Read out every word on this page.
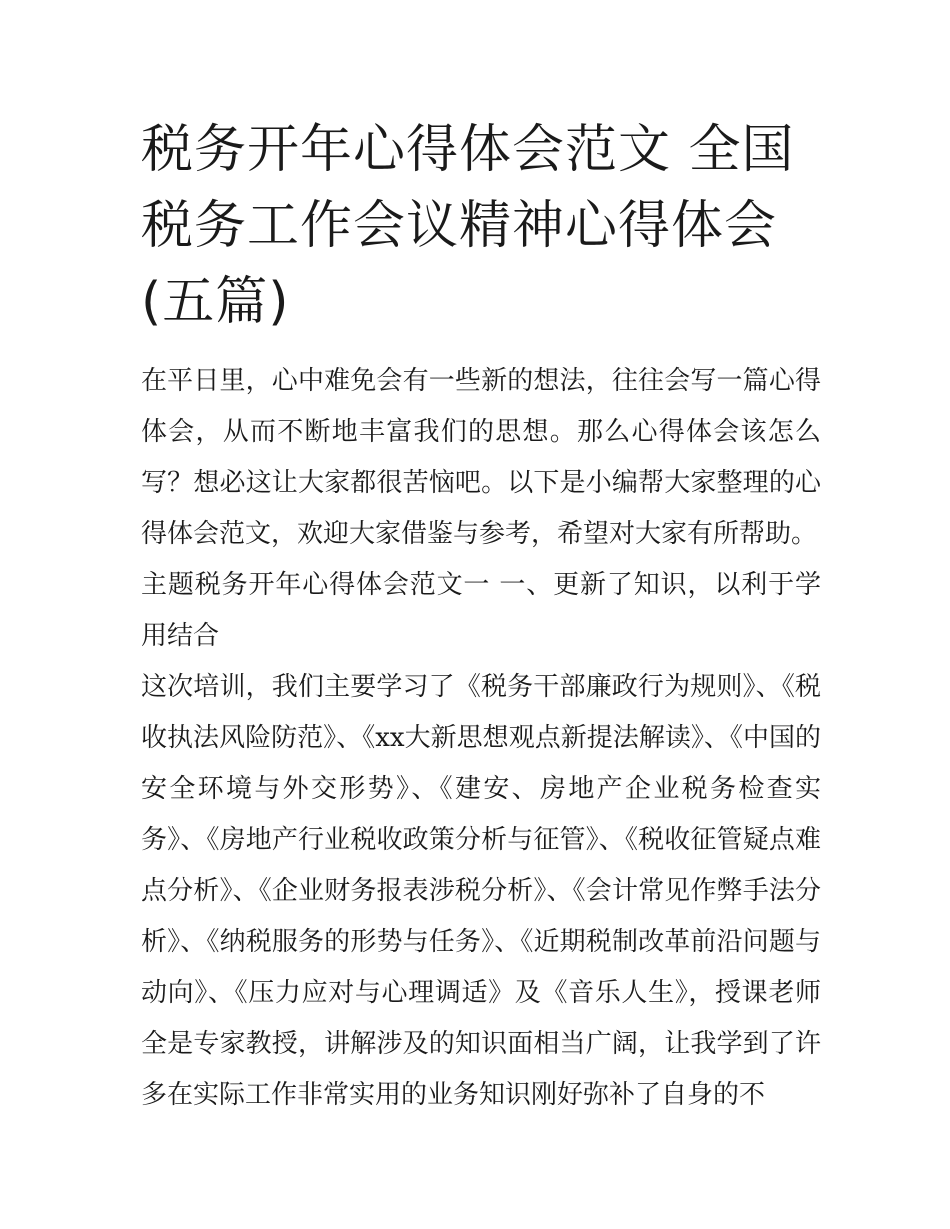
税务开年心得体会范文 全国税务工作会议精神心得体会(五篇)

在平日里，心中难免会有一些新的想法，往往会写一篇心得体会，从而不断地丰富我们的思想。那么心得体会该怎么写？想必这让大家都很苦恼吧。以下是小编帮大家整理的心得体会范文，欢迎大家借鉴与参考，希望对大家有所帮助。

主题税务开年心得体会范文一 一、更新了知识，以利于学用结合

这次培训，我们主要学习了《税务干部廉政行为规则》、《税收执法风险防范》、《xx大新思想观点新提法解读》、《中国的安全环境与外交形势》、《建安、房地产企业税务检查实务》、《房地产行业税收政策分析与征管》、《税收征管疑点难点分析》、《企业财务报表涉税分析》、《会计常见作弊手法分析》、《纳税服务的形势与任务》、《近期税制改革前沿问题与动向》、《压力应对与心理调适》及《音乐人生》，授课老师全是专家教授，讲解涉及的知识面相当广阔，让我学到了许多在实际工作非常实用的业务知识刚好弥补了自身的不
